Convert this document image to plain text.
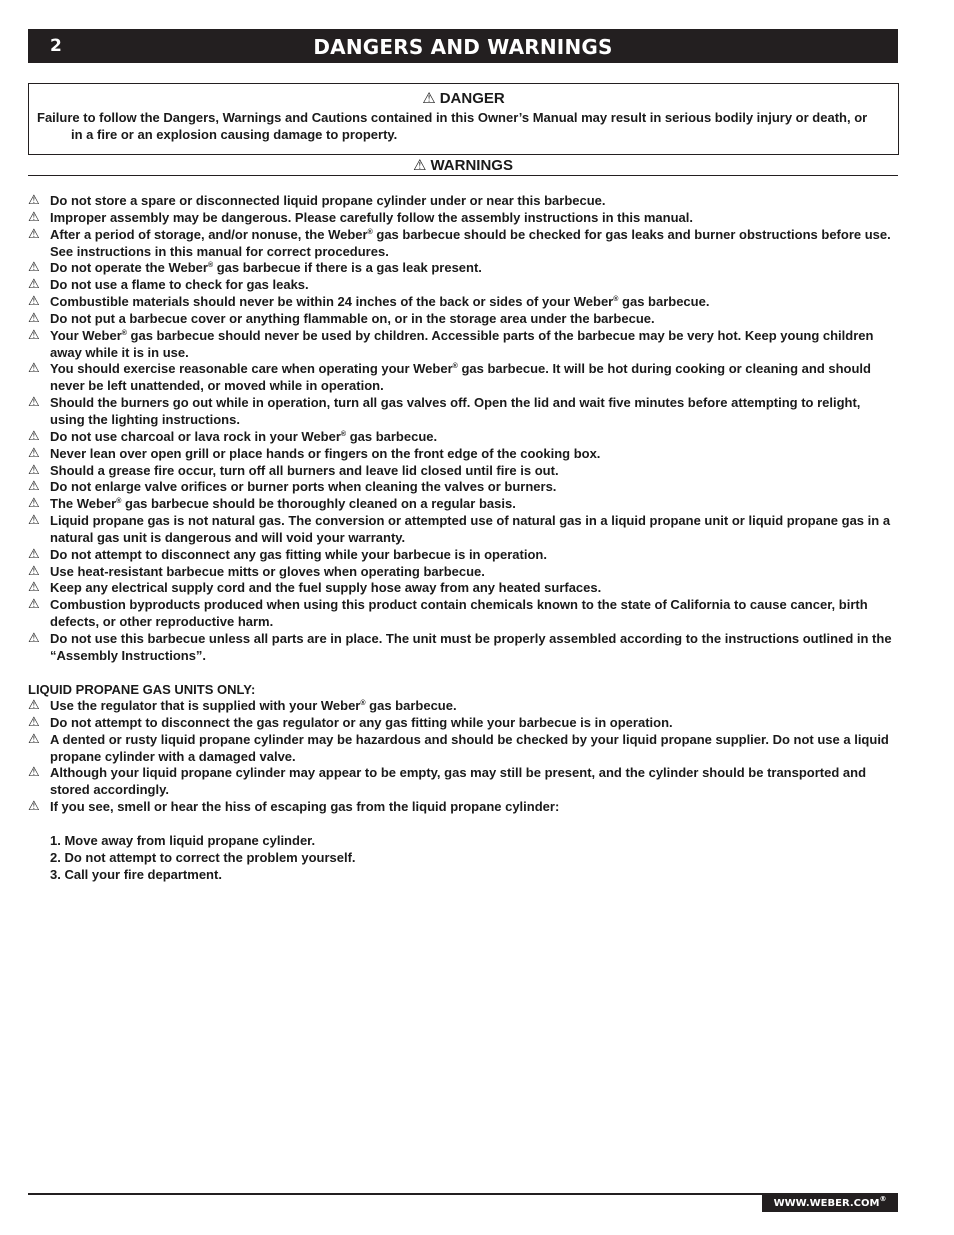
2	DANGERS AND WARNINGS
⚠ DANGER
Failure to follow the Dangers, Warnings and Cautions contained in this Owner’s Manual may result in serious bodily injury or death, or in a fire or an explosion causing damage to property.
⚠ WARNINGS
⚠ Do not store a spare or disconnected liquid propane cylinder under or near this barbecue.
⚠ Improper assembly may be dangerous. Please carefully follow the assembly instructions in this manual.
⚠ After a period of storage, and/or nonuse, the Weber® gas barbecue should be checked for gas leaks and burner obstructions before use. See instructions in this manual for correct procedures.
⚠ Do not operate the Weber® gas barbecue if there is a gas leak present.
⚠ Do not use a flame to check for gas leaks.
⚠ Combustible materials should never be within 24 inches of the back or sides of your Weber® gas barbecue.
⚠ Do not put a barbecue cover or anything flammable on, or in the storage area under the barbecue.
⚠ Your Weber® gas barbecue should never be used by children. Accessible parts of the barbecue may be very hot. Keep young children away while it is in use.
⚠ You should exercise reasonable care when operating your Weber® gas barbecue. It will be hot during cooking or cleaning and should never be left unattended, or moved while in operation.
⚠ Should the burners go out while in operation, turn all gas valves off. Open the lid and wait five minutes before attempting to relight, using the lighting instructions.
⚠ Do not use charcoal or lava rock in your Weber® gas barbecue.
⚠ Never lean over open grill or place hands or fingers on the front edge of the cooking box.
⚠ Should a grease fire occur, turn off all burners and leave lid closed until fire is out.
⚠ Do not enlarge valve orifices or burner ports when cleaning the valves or burners.
⚠ The Weber® gas barbecue should be thoroughly cleaned on a regular basis.
⚠ Liquid propane gas is not natural gas. The conversion or attempted use of natural gas in a liquid propane unit or liquid propane gas in a natural gas unit is dangerous and will void your warranty.
⚠ Do not attempt to disconnect any gas fitting while your barbecue is in operation.
⚠ Use heat-resistant barbecue mitts or gloves when operating barbecue.
⚠ Keep any electrical supply cord and the fuel supply hose away from any heated surfaces.
⚠ Combustion byproducts produced when using this product contain chemicals known to the state of California to cause cancer, birth defects, or other reproductive harm.
⚠ Do not use this barbecue unless all parts are in place. The unit must be properly assembled according to the instructions outlined in the “Assembly Instructions”.
LIQUID PROPANE GAS UNITS ONLY:
⚠ Use the regulator that is supplied with your Weber® gas barbecue.
⚠ Do not attempt to disconnect the gas regulator or any gas fitting while your barbecue is in operation.
⚠ A dented or rusty liquid propane cylinder may be hazardous and should be checked by your liquid propane supplier. Do not use a liquid propane cylinder with a damaged valve.
⚠ Although your liquid propane cylinder may appear to be empty, gas may still be present, and the cylinder should be transported and stored accordingly.
⚠ If you see, smell or hear the hiss of escaping gas from the liquid propane cylinder:
1. Move away from liquid propane cylinder.
2. Do not attempt to correct the problem yourself.
3. Call your fire department.
WWW.WEBER.COM®
